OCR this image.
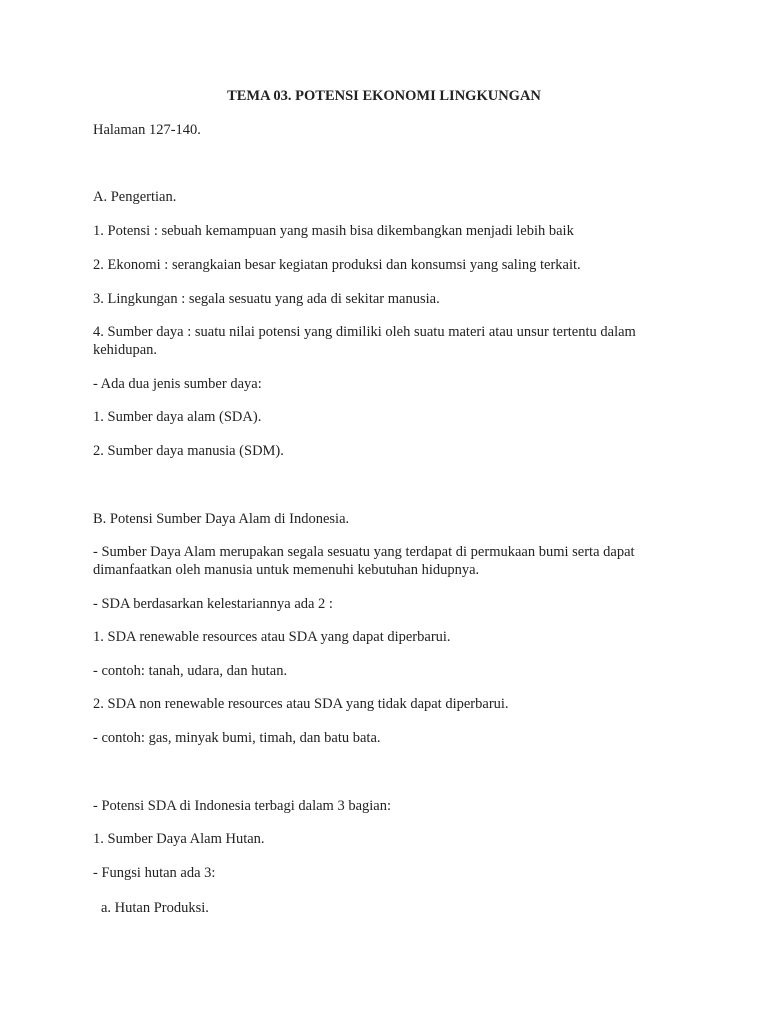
TEMA 03. POTENSI EKONOMI LINGKUNGAN
Halaman 127-140.
A. Pengertian.
1. Potensi : sebuah kemampuan yang masih bisa dikembangkan menjadi lebih baik
2. Ekonomi : serangkaian besar kegiatan produksi dan konsumsi yang saling terkait.
3. Lingkungan : segala sesuatu yang ada di sekitar manusia.
4. Sumber daya : suatu nilai potensi yang dimiliki oleh suatu materi atau unsur tertentu dalam
kehidupan.
- Ada dua jenis sumber daya:
1. Sumber daya alam (SDA).
2. Sumber daya manusia (SDM).
B. Potensi Sumber Daya Alam di Indonesia.
- Sumber Daya Alam merupakan segala sesuatu yang terdapat di permukaan bumi serta dapat
dimanfaatkan oleh manusia untuk memenuhi kebutuhan hidupnya.
- SDA berdasarkan kelestariannya ada 2 :
1. SDA renewable resources atau SDA yang dapat diperbarui.
- contoh: tanah, udara, dan hutan.
2. SDA non renewable resources atau SDA yang tidak dapat diperbarui.
- contoh: gas, minyak bumi, timah, dan batu bata.
- Potensi SDA di Indonesia terbagi dalam 3 bagian:
1. Sumber Daya Alam Hutan.
- Fungsi hutan ada 3:
a. Hutan Produksi.
